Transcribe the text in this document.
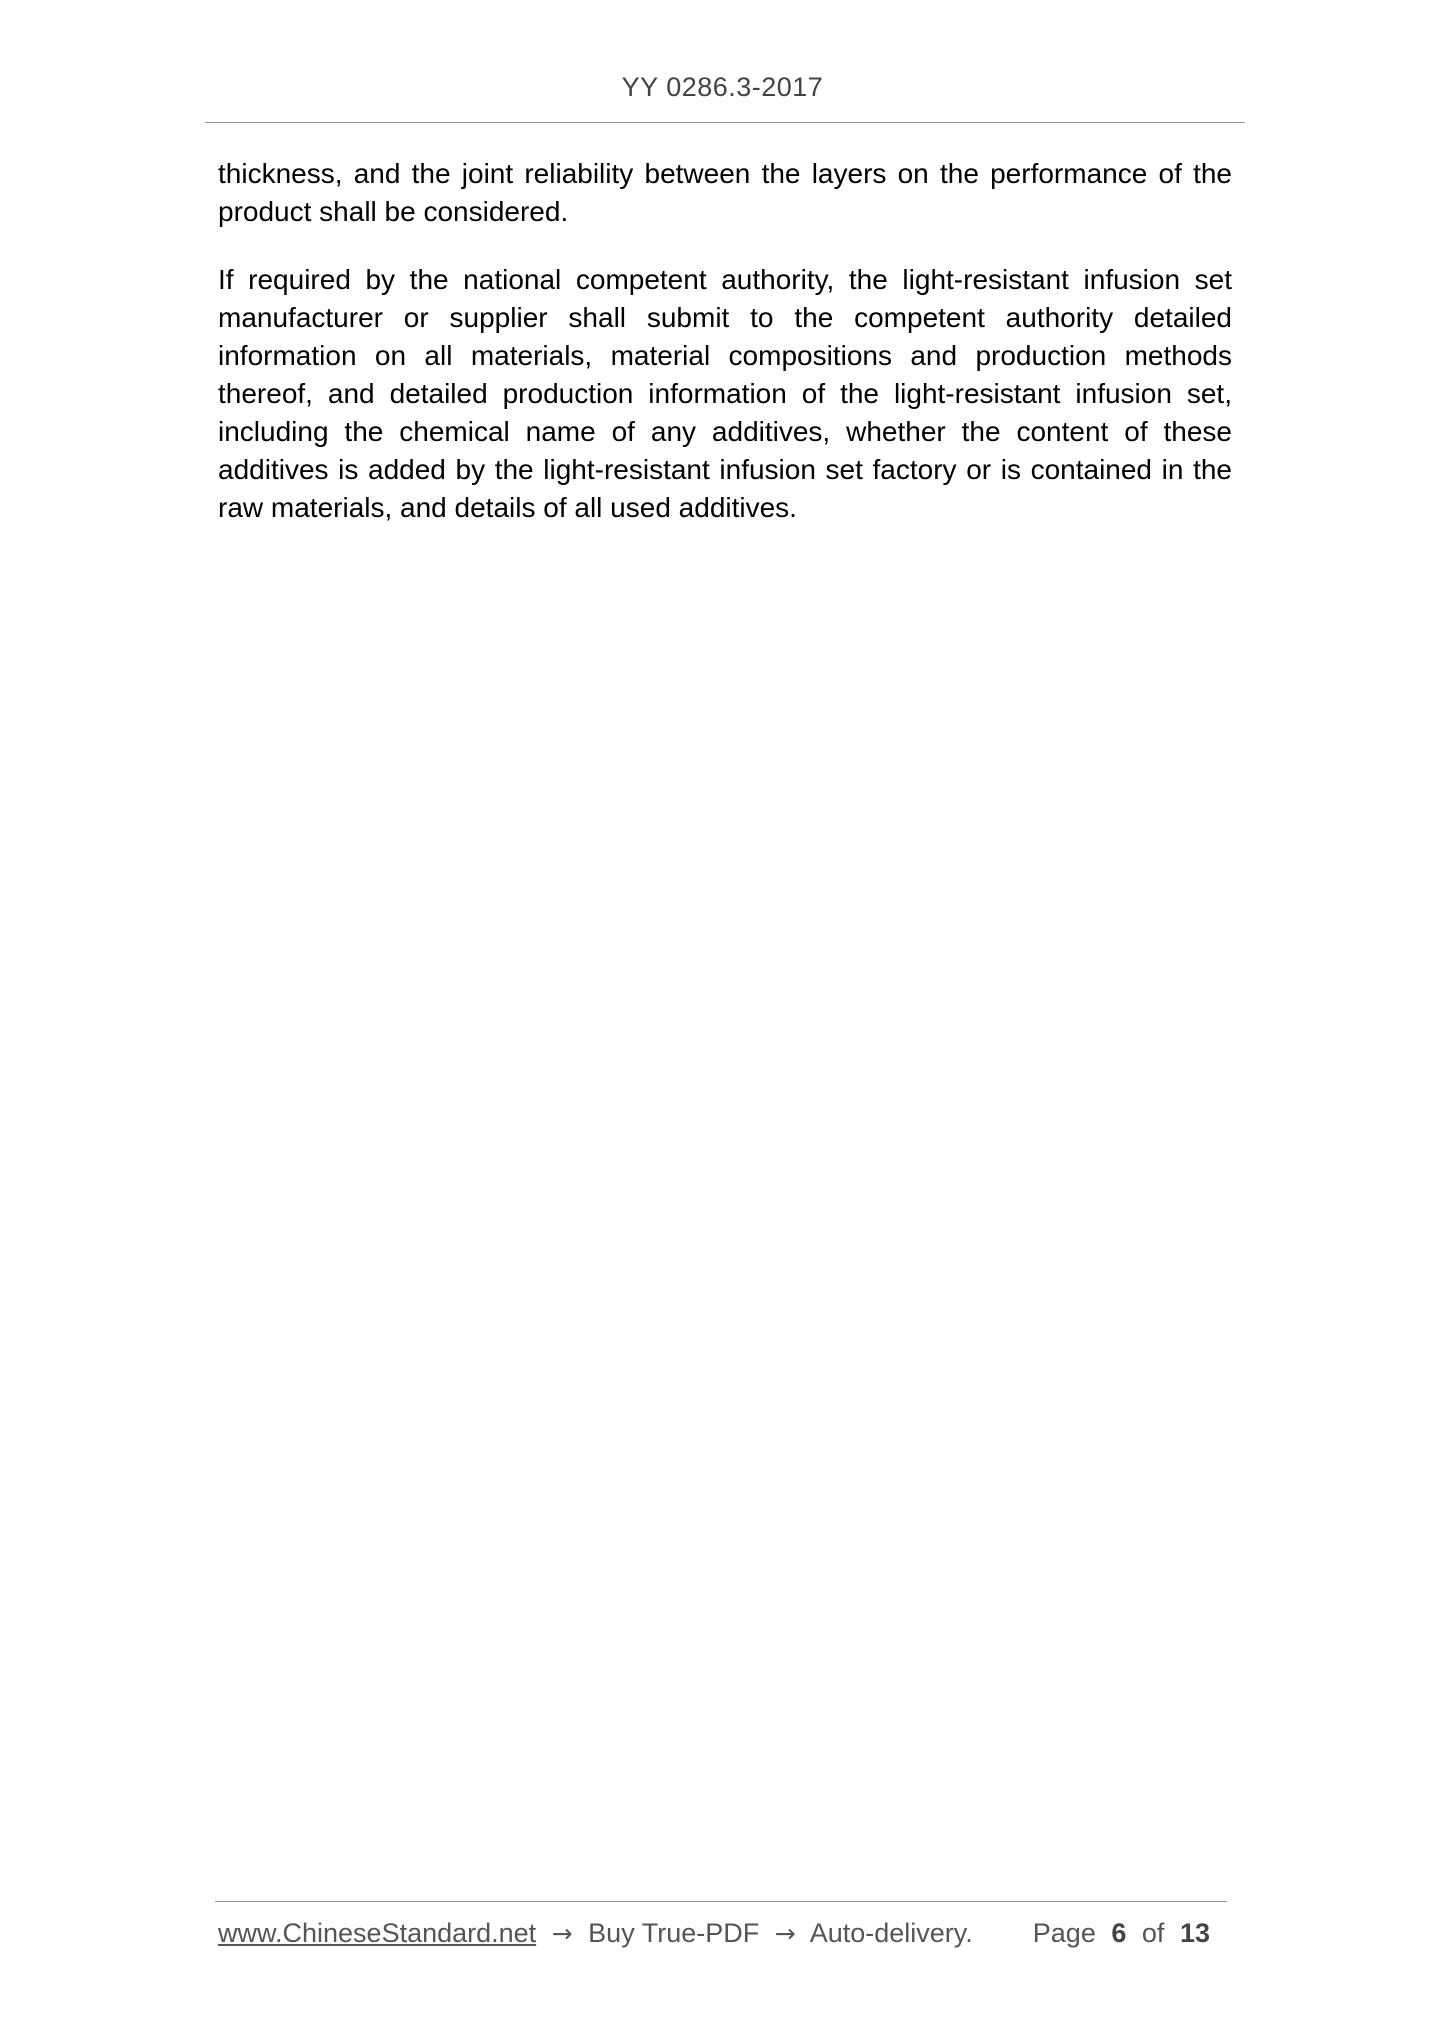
YY 0286.3-2017

thickness, and the joint reliability between the layers on the performance of the product shall be considered.

If required by the national competent authority, the light-resistant infusion set manufacturer or supplier shall submit to the competent authority detailed information on all materials, material compositions and production methods thereof, and detailed production information of the light-resistant infusion set, including the chemical name of any additives, whether the content of these additives is added by the light-resistant infusion set factory or is contained in the raw materials, and details of all used additives.

www.ChineseStandard.net → Buy True-PDF → Auto-delivery. Page 6 of 13
